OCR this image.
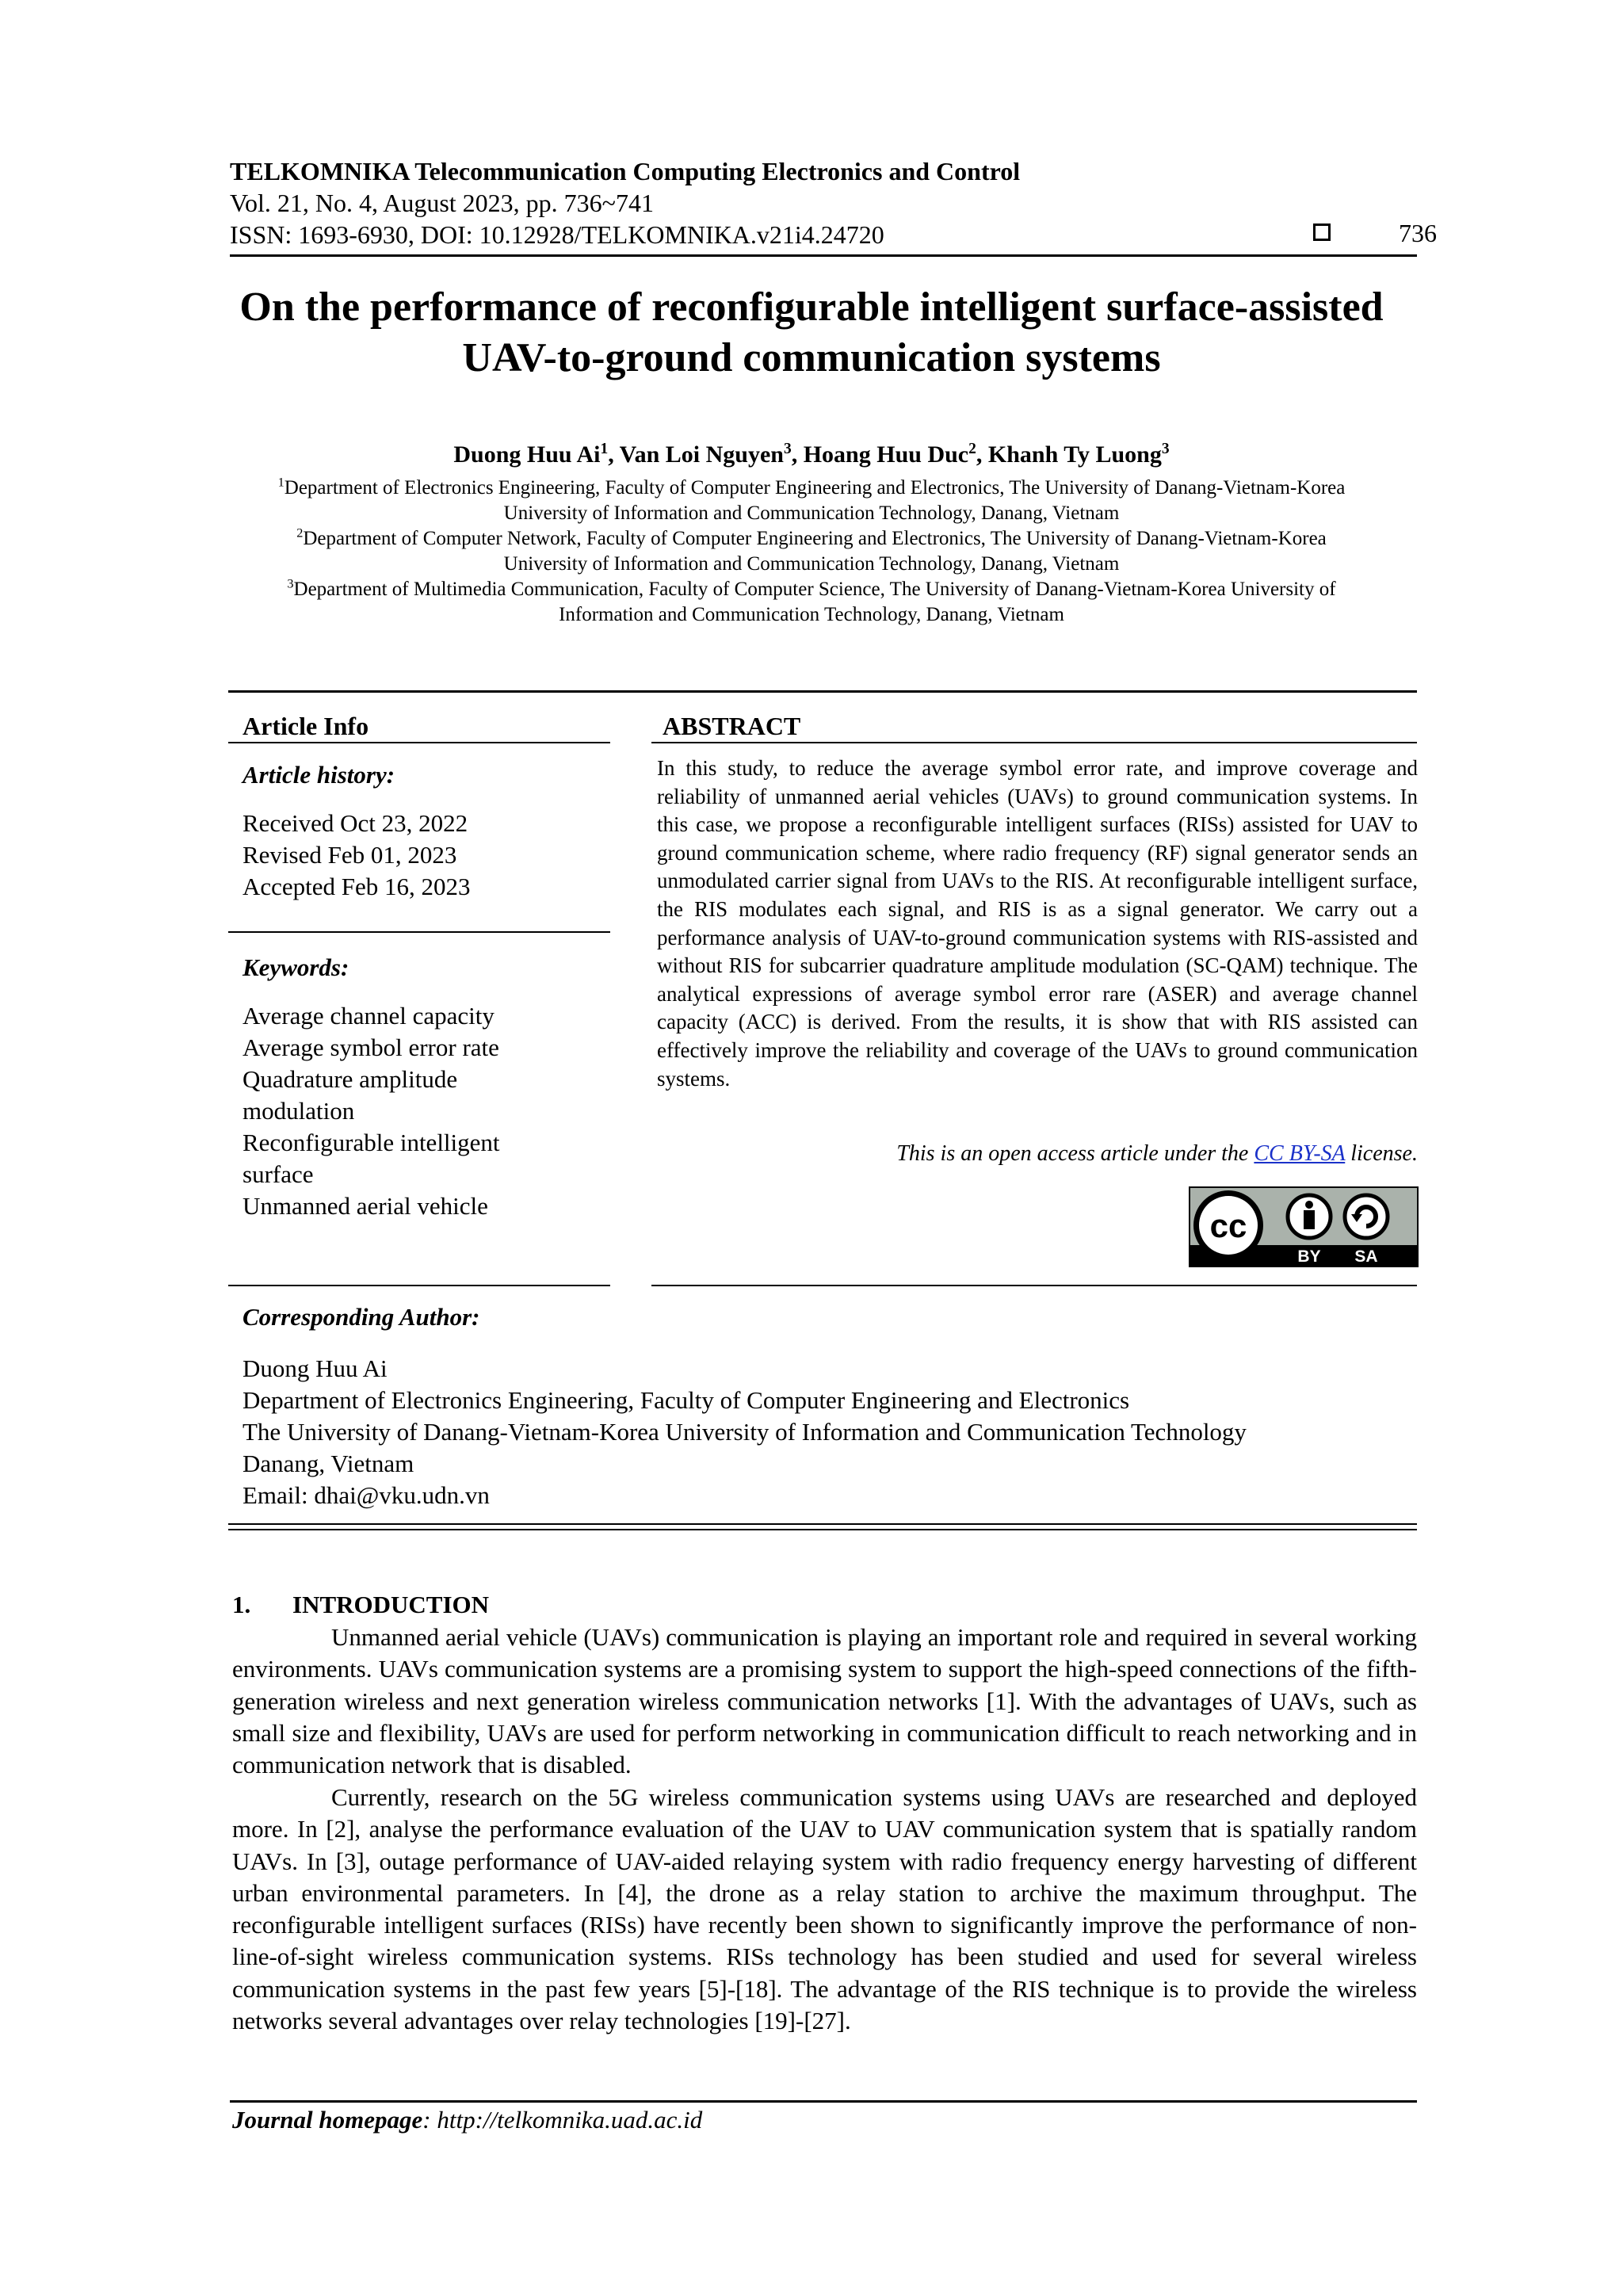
TELKOMNIKA Telecommunication Computing Electronics and Control
Vol. 21, No. 4, August 2023, pp. 736~741
ISSN: 1693-6930, DOI: 10.12928/TELKOMNIKA.v21i4.24720	736
On the performance of reconfigurable intelligent surface-assisted
UAV-to-ground communication systems
Duong Huu Ai$^1$, Van Loi Nguyen$^3$, Hoang Huu Duc$^2$, Khanh Ty Luong$^3$

$^1$Department of Electronics Engineering, Faculty of Computer Engineering and Electronics, The University of Danang-Vietnam-Korea

University of Information and Communication Technology, Danang, Vietnam

$^2$Department of Computer Network, Faculty of Computer Engineering and Electronics, The University of Danang-Vietnam-Korea

University of Information and Communication Technology, Danang, Vietnam

$^3$Department of Multimedia Communication, Faculty of Computer Science, The University of Danang-Vietnam-Korea University of

Information and Communication Technology, Danang, Vietnam

Article Info
Article history:
Received Oct 23, 2022
Revised Feb 01, 2023
Accepted Feb 16, 2023
Keywords:
Average channel capacity
Average symbol error rate
Quadrature amplitude
modulation
Reconfigurable intelligent
surface
Unmanned aerial vehicle
ABSTRACT
In this study, to reduce the average symbol error rate, and improve coverage and reliability of unmanned aerial vehicles (UAVs) to ground communication systems. In this case, we propose a reconfigurable intelligent surfaces (RISs) assisted for UAV to ground communication scheme, where radio frequency (RF) signal generator sends an unmodulated carrier signal from UAVs to the RIS. At reconfigurable intelligent surface, the RIS modulates each signal, and RIS is as a signal generator. We carry out a performance analysis of UAV-to-ground communication systems with RIS-assisted and without RIS for subcarrier quadrature amplitude modulation (SC-QAM) technique. The analytical expressions of average symbol error rare (ASER) and average channel capacity (ACC) is derived. From the results, it is show that with RIS assisted can effectively improve the reliability and coverage of the UAVs to ground communication systems.
This is an open access article under the CC BY-SA license.
cc
BY SA
Corresponding Author:
Duong Huu Ai
Department of Electronics Engineering, Faculty of Computer Engineering and Electronics
The University of Danang-Vietnam-Korea University of Information and Communication Technology
Danang, Vietnam
Email: dhai@vku.udn.vn
1. INTRODUCTION

Unmanned aerial vehicle (UAVs) communication is playing an important role and required in several working environments. UAVs communication systems are a promising system to support the high-speed connections of the fifth-generation wireless and next generation wireless communication networks [1]. With the advantages of UAVs, such as small size and flexibility, UAVs are used for perform networking in communication difficult to reach networking and in communication network that is disabled.

Currently, research on the 5G wireless communication systems using UAVs are researched and deployed more. In [2], analyse the performance evaluation of the UAV to UAV communication system that is spatially random UAVs. In [3], outage performance of UAV-aided relaying system with radio frequency energy harvesting of different urban environmental parameters. In [4], the drone as a relay station to archive the maximum throughput. The reconfigurable intelligent surfaces (RISs) have recently been shown to significantly improve the performance of non-line-of-sight wireless communication systems. RISs technology has been studied and used for several wireless communication systems in the past few years [5]-[18]. The advantage of the RIS technique is to provide the wireless networks several advantages over relay technologies [19]-[27].

Journal homepage: http://telkomnika.uad.ac.id
